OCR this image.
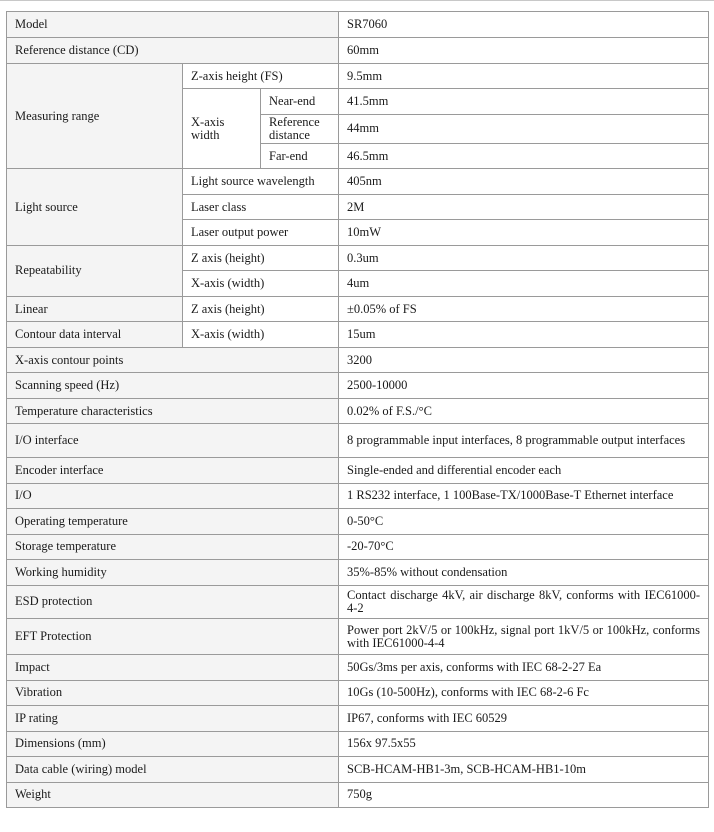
Model			SR7060
Reference distance (CD)			60mm
Measuring range	Z-axis height (FS)		9.5mm
	X-axis width	Near-end	41.5mm
		Reference distance	44mm
		Far-end	46.5mm
Light source	Light source wavelength		405nm
	Laser class		2M
	Laser output power		10mW
Repeatability	Z axis (height)		0.3um
	X-axis (width)		4um
Linear	Z axis (height)		±0.05% of FS
Contour data interval	X-axis (width)		15um
X-axis contour points			3200
Scanning speed (Hz)			2500-10000
Temperature characteristics			0.02% of F.S./°C
I/O interface			8 programmable input interfaces, 8 programmable output interfaces
Encoder interface			Single-ended and differential encoder each
I/O			1 RS232 interface, 1 100Base-TX/1000Base-T Ethernet interface
Operating temperature			0-50°C
Storage temperature			-20-70°C
Working humidity			35%-85% without condensation
ESD protection			Contact discharge 4kV, air discharge 8kV, conforms with IEC61000-4-2
EFT Protection			Power port 2kV/5 or 100kHz, signal port 1kV/5 or 100kHz, conforms with IEC61000-4-4
Impact			50Gs/3ms per axis, conforms with IEC 68-2-27 Ea
Vibration			10Gs (10-500Hz), conforms with IEC 68-2-6 Fc
IP rating			IP67, conforms with IEC 60529
Dimensions (mm)			156x 97.5x55
Data cable (wiring) model			SCB-HCAM-HB1-3m, SCB-HCAM-HB1-10m
Weight			750g
